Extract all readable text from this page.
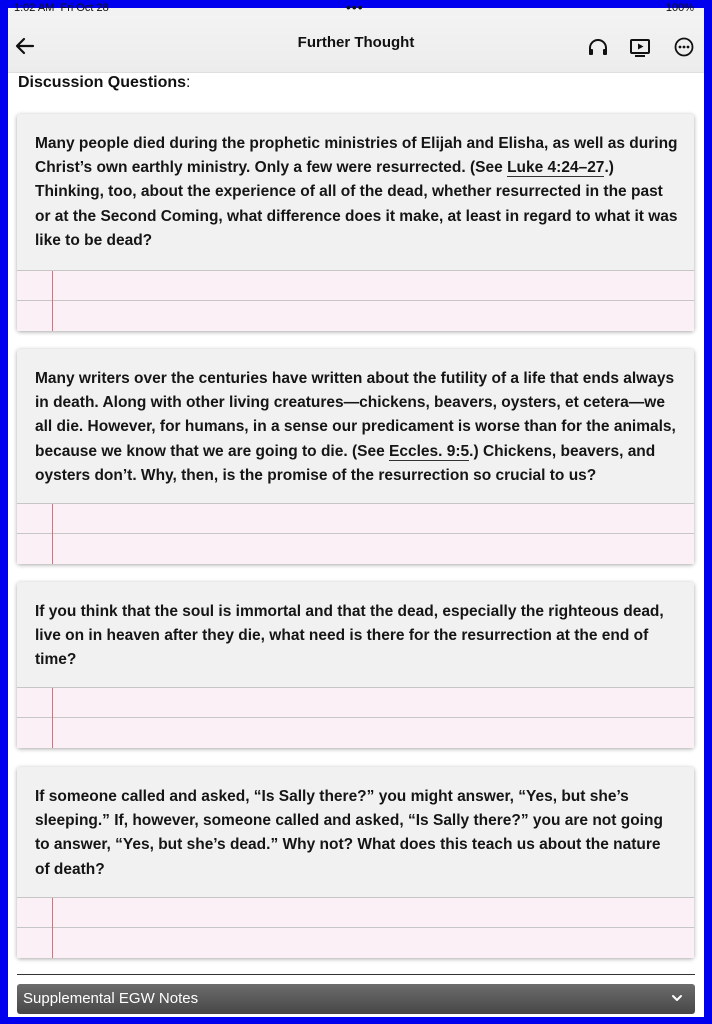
1:02 AM Fri Oct 28	•••	100%
Further Thought
Discussion Questions:
Many people died during the prophetic ministries of Elijah and Elisha, as well as during Christ’s own earthly ministry. Only a few were resurrected. (See Luke 4:24–27.) Thinking, too, about the experience of all of the dead, whether resurrected in the past or at the Second Coming, what difference does it make, at least in regard to what it was like to be dead?
Many writers over the centuries have written about the futility of a life that ends always in death. Along with other living creatures—chickens, beavers, oysters, et cetera—we all die. However, for humans, in a sense our predicament is worse than for the animals, because we know that we are going to die. (See Eccles. 9:5.) Chickens, beavers, and oysters don’t. Why, then, is the promise of the resurrection so crucial to us?
If you think that the soul is immortal and that the dead, especially the righteous dead, live on in heaven after they die, what need is there for the resurrection at the end of time?
If someone called and asked, “Is Sally there?” you might answer, “Yes, but she’s sleeping.” If, however, someone called and asked, “Is Sally there?” you are not going to answer, “Yes, but she’s dead.” Why not? What does this teach us about the nature of death?
Supplemental EGW Notes
